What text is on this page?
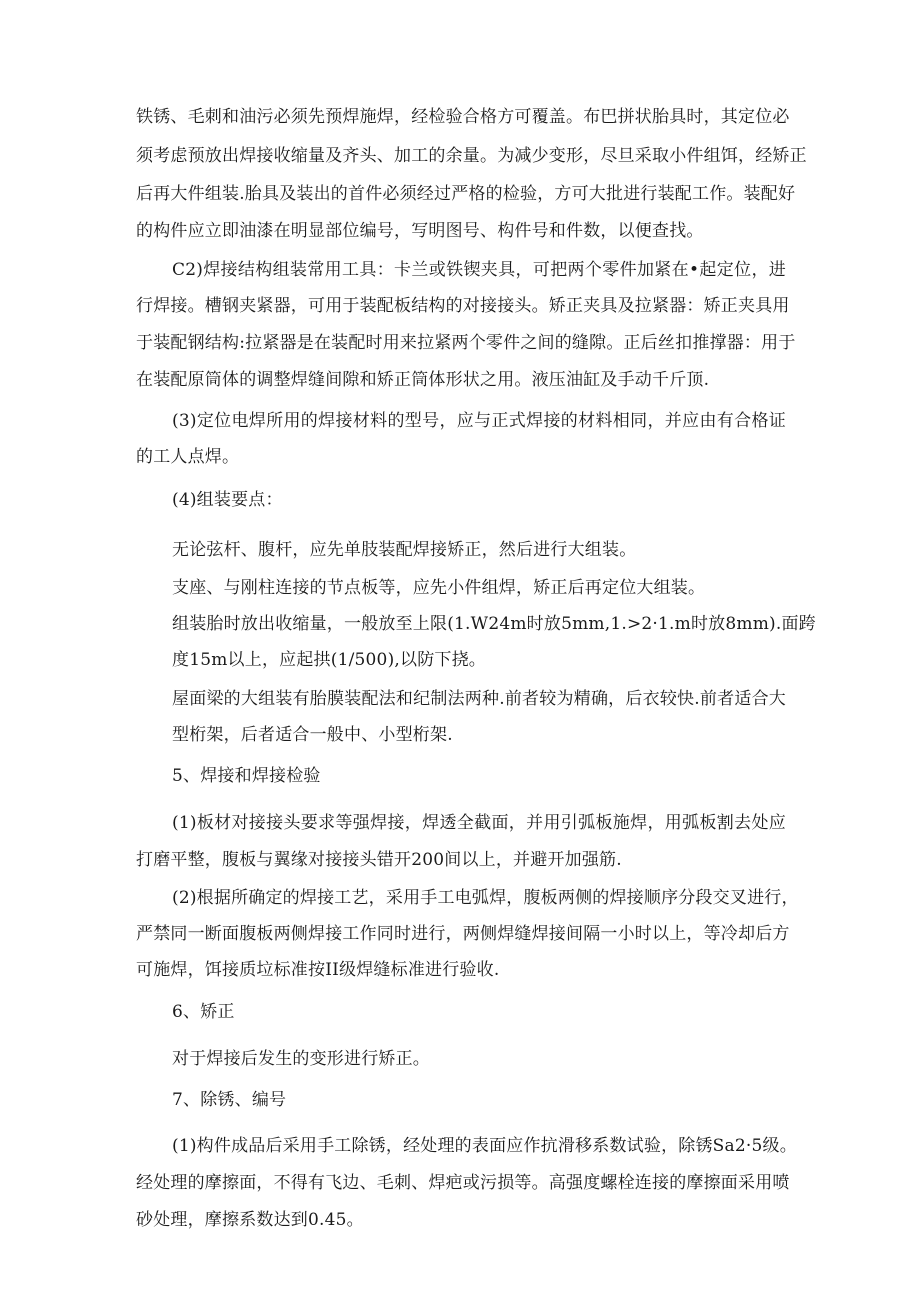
铁锈、毛刺和油污必须先预焊施焊，经检验合格方可覆盖。布巴拼状胎具时，其定位必
须考虑预放出焊接收缩量及齐头、加工的余量。为减少变形，尽旦采取小件组饵，经矫正
后再大件组装.胎具及装出的首件必须经过严格的检验，方可大批进行装配工作。装配好
的构件应立即油漆在明显部位编号，写明图号、构件号和件数，以便查找。
C2)焊接结构组装常用工具：卡兰或铁锲夹具，可把两个零件加紧在•起定位，进
行焊接。槽钢夹紧器，可用于装配板结构的对接接头。矫正夹具及拉紧器：矫正夹具用
于装配钢结构:拉紧器是在装配时用来拉紧两个零件之间的缝隙。正后丝扣推撑器：用于
在装配原筒体的调整焊缝间隙和矫正筒体形状之用。液压油缸及手动千斤顶.
(3)定位电焊所用的焊接材料的型号，应与正式焊接的材料相同，并应由有合格证
的工人点焊。
(4)组装要点：
无论弦杆、腹杆，应先单肢装配焊接矫正，然后进行大组装。
支座、与刚柱连接的节点板等，应先小件组焊，矫正后再定位大组装。
组装胎时放出收缩量，一般放至上限(1.W24m时放5mm,1.>2·1.m时放8mm).面跨
度15m以上，应起拱(1/500),以防下挠。
屋面梁的大组装有胎膜装配法和纪制法两种.前者较为精确，后衣较快.前者适合大
型桁架，后者适合一般中、小型桁架.
5、焊接和焊接检验
(1)板材对接接头要求等强焊接，焊透全截面，并用引弧板施焊，用弧板割去处应
打磨平整，腹板与翼缘对接接头错开200间以上，并避开加强筋.
(2)根据所确定的焊接工艺，采用手工电弧焊，腹板两侧的焊接顺序分段交叉进行，
严禁同一断面腹板两侧焊接工作同时进行，两侧焊缝焊接间隔一小时以上，等冷却后方
可施焊，饵接质垃标准按II级焊缝标准进行验收.
6、矫正
对于焊接后发生的变形进行矫正。
7、除锈、编号
(1)构件成品后采用手工除锈，经处理的表面应作抗滑移系数试验，除锈Sa2·5级。
经处理的摩擦面，不得有飞边、毛刺、焊疤或污损等。高强度螺栓连接的摩擦面采用喷
砂处理，摩擦系数达到0.45。
